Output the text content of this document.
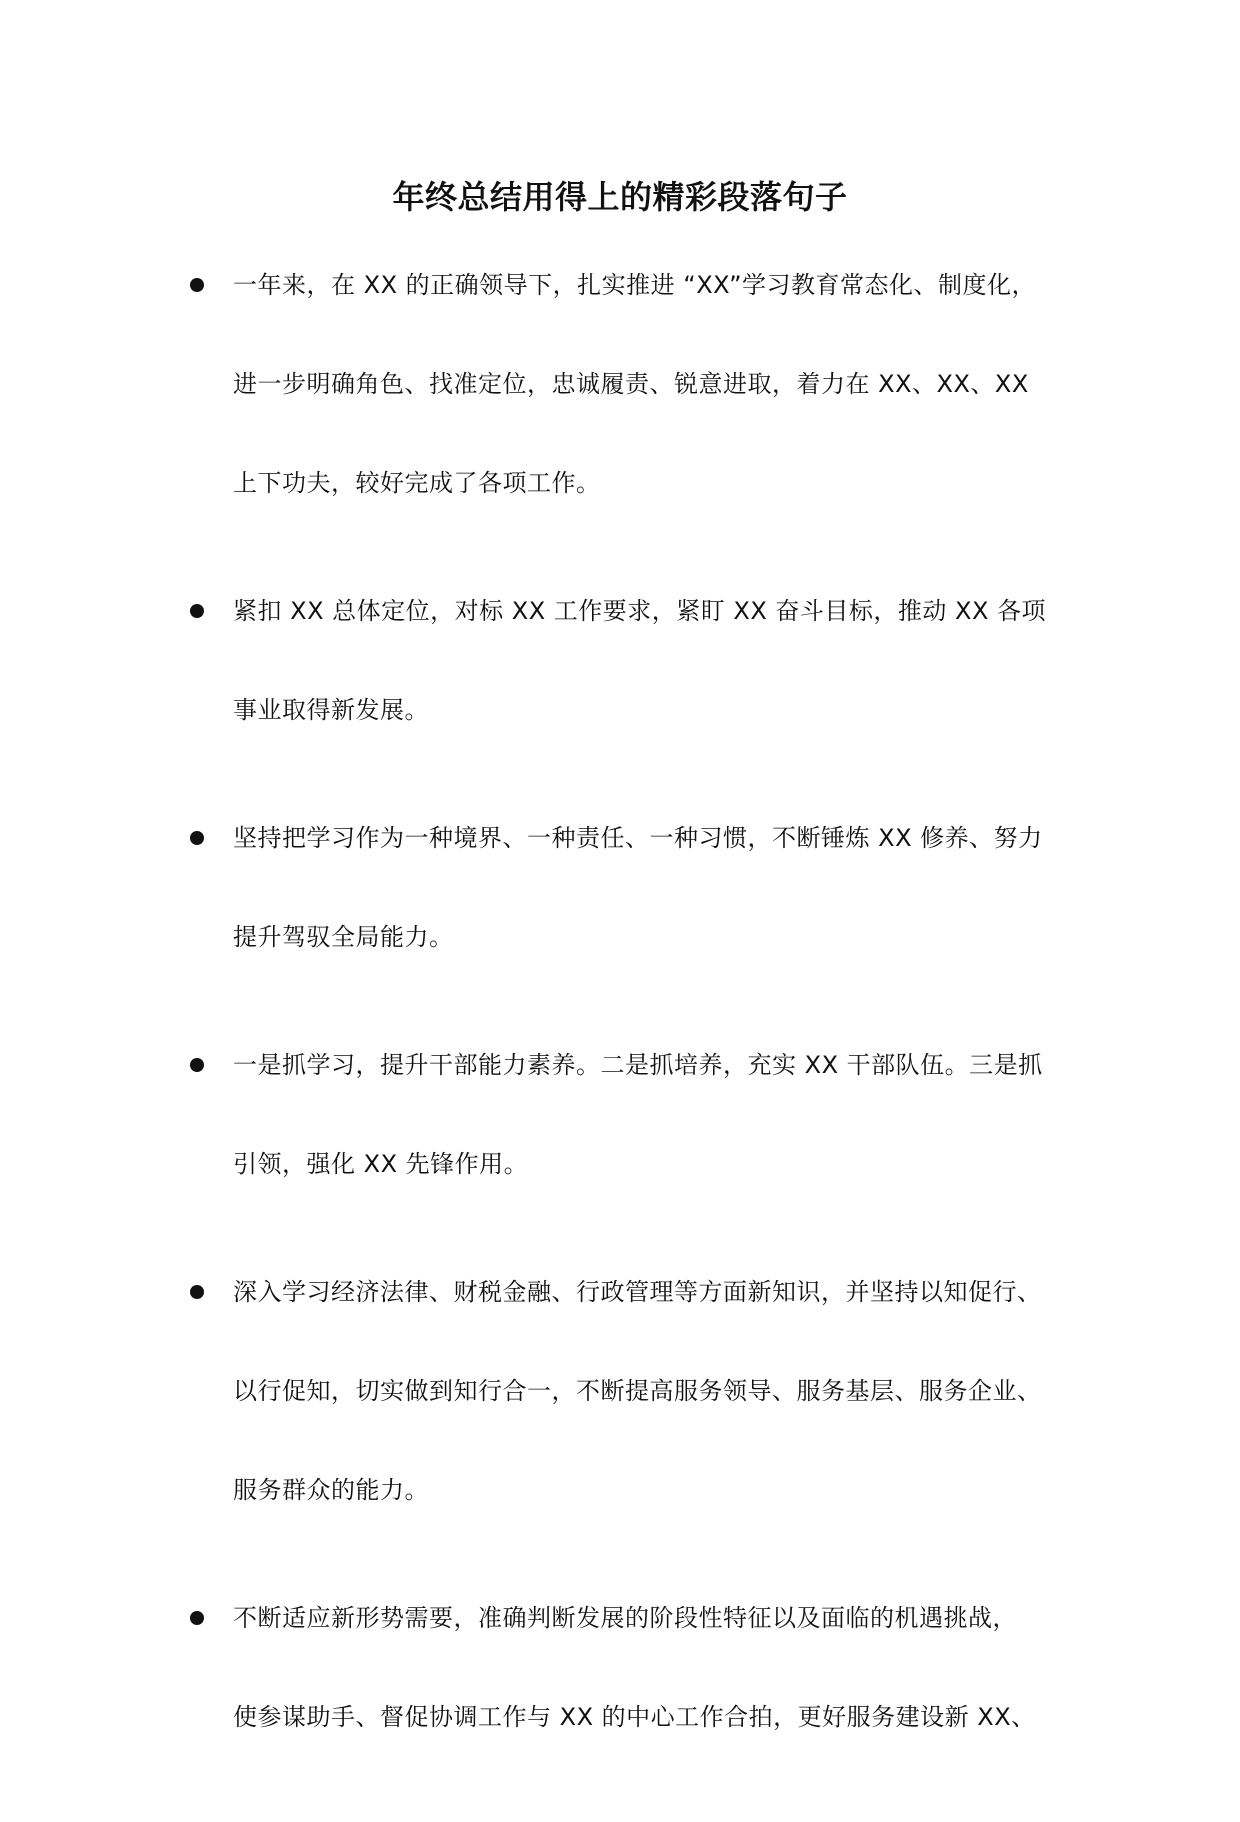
年终总结用得上的精彩段落句子
一年来，在 XX 的正确领导下，扎实推进 “XX”学习教育常态化、制度化，
进一步明确角色、找准定位，忠诚履责、锐意进取，着力在 XX、XX、XX
上下功夫，较好完成了各项工作。
紧扣 XX 总体定位，对标 XX 工作要求，紧盯 XX 奋斗目标，推动 XX 各项
事业取得新发展。
坚持把学习作为一种境界、一种责任、一种习惯，不断锤炼 XX 修养、努力
提升驾驭全局能力。
一是抓学习，提升干部能力素养。二是抓培养，充实 XX 干部队伍。三是抓
引领，强化 XX 先锋作用。
深入学习经济法律、财税金融、行政管理等方面新知识，并坚持以知促行、
以行促知，切实做到知行合一，不断提高服务领导、服务基层、服务企业、
服务群众的能力。
不断适应新形势需要，准确判断发展的阶段性特征以及面临的机遇挑战，
使参谋助手、督促协调工作与 XX 的中心工作合拍，更好服务建设新 XX、
